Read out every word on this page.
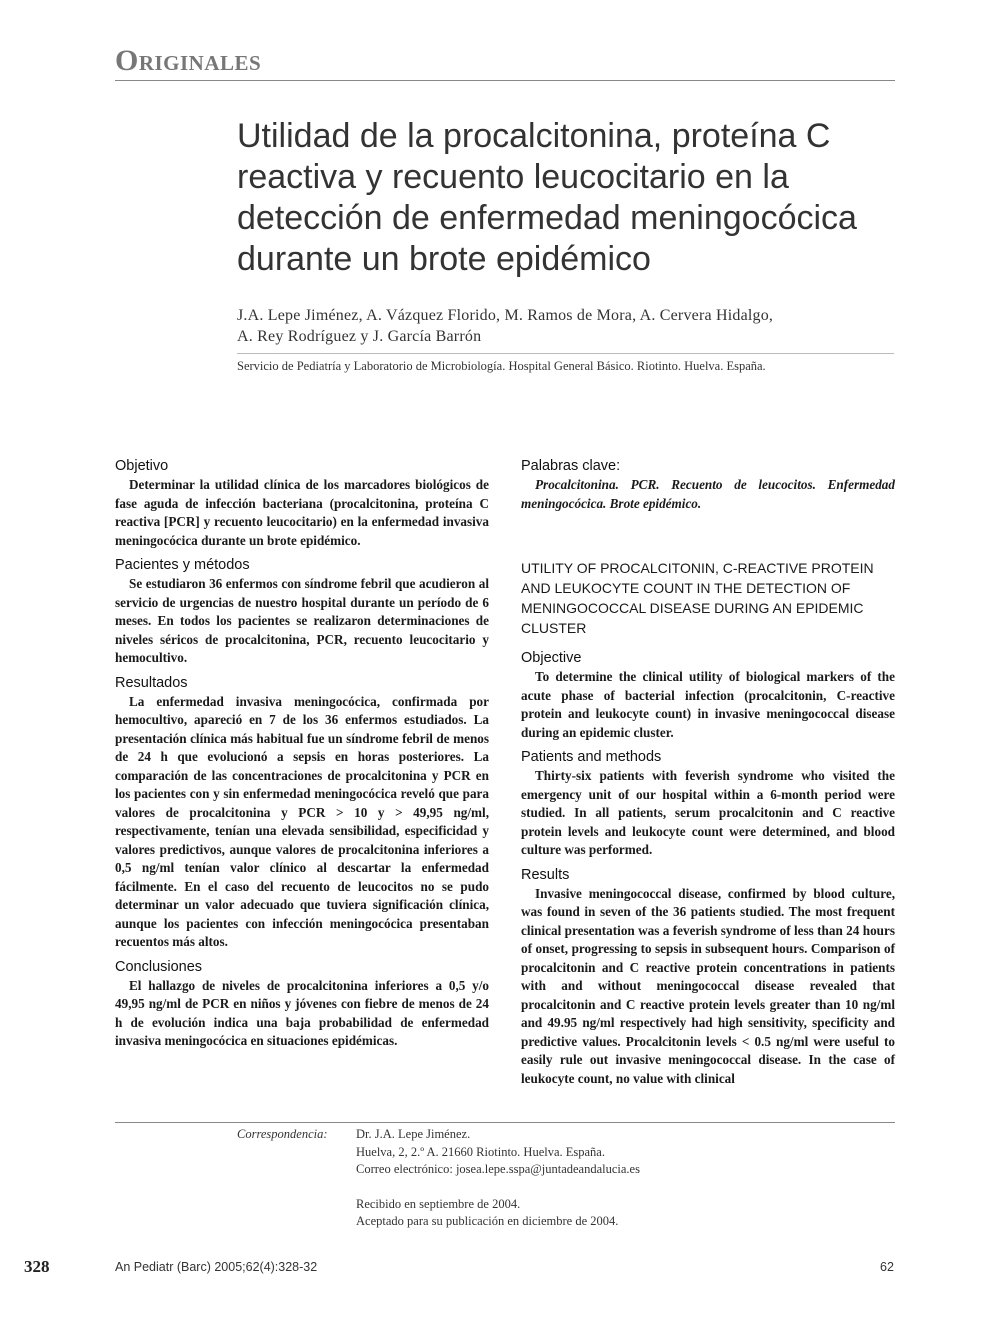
Originales
Utilidad de la procalcitonina, proteína C reactiva y recuento leucocitario en la detección de enfermedad meningocócica durante un brote epidémico
J.A. Lepe Jiménez, A. Vázquez Florido, M. Ramos de Mora, A. Cervera Hidalgo,
A. Rey Rodríguez y J. García Barrón
Servicio de Pediatría y Laboratorio de Microbiología. Hospital General Básico. Riotinto. Huelva. España.
Objetivo

Determinar la utilidad clínica de los marcadores biológicos de fase aguda de infección bacteriana (procalcitonina, proteína C reactiva [PCR] y recuento leucocitario) en la enfermedad invasiva meningocócica durante un brote epidémico.

Pacientes y métodos

Se estudiaron 36 enfermos con síndrome febril que acudieron al servicio de urgencias de nuestro hospital durante un período de 6 meses. En todos los pacientes se realizaron determinaciones de niveles séricos de procalcitonina, PCR, recuento leucocitario y hemocultivo.

Resultados

La enfermedad invasiva meningocócica, confirmada por hemocultivo, apareció en 7 de los 36 enfermos estudiados. La presentación clínica más habitual fue un síndrome febril de menos de 24 h que evolucionó a sepsis en horas posteriores. La comparación de las concentraciones de procalcitonina y PCR en los pacientes con y sin enfermedad meningocócica reveló que para valores de procalcitonina y PCR > 10 y > 49,95 ng/ml, respectivamente, tenían una elevada sensibilidad, especificidad y valores predictivos, aunque valores de procalcitonina inferiores a 0,5 ng/ml tenían valor clínico al descartar la enfermedad fácilmente. En el caso del recuento de leucocitos no se pudo determinar un valor adecuado que tuviera significación clínica, aunque los pacientes con infección meningocócica presentaban recuentos más altos.

Conclusiones

El hallazgo de niveles de procalcitonina inferiores a 0,5 y/o 49,95 ng/ml de PCR en niños y jóvenes con fiebre de menos de 24 h de evolución indica una baja probabilidad de enfermedad invasiva meningocócica en situaciones epidémicas.

Palabras clave:

Procalcitonina. PCR. Recuento de leucocitos. Enfermedad meningocócica. Brote epidémico.

UTILITY OF PROCALCITONIN, C-REACTIVE PROTEIN AND LEUKOCYTE COUNT IN THE DETECTION OF MENINGOCOCCAL DISEASE DURING AN EPIDEMIC CLUSTER
Objective

To determine the clinical utility of biological markers of the acute phase of bacterial infection (procalcitonin, C-reactive protein and leukocyte count) in invasive meningococcal disease during an epidemic cluster.

Patients and methods

Thirty-six patients with feverish syndrome who visited the emergency unit of our hospital within a 6-month period were studied. In all patients, serum procalcitonin and C reactive protein levels and leukocyte count were determined, and blood culture was performed.

Results

Invasive meningococcal disease, confirmed by blood culture, was found in seven of the 36 patients studied. The most frequent clinical presentation was a feverish syndrome of less than 24 hours of onset, progressing to sepsis in subsequent hours. Comparison of procalcitonin and C reactive protein concentrations in patients with and without meningococcal disease revealed that procalcitonin and C reactive protein levels greater than 10 ng/ml and 49.95 ng/ml respectively had high sensitivity, specificity and predictive values. Procalcitonin levels < 0.5 ng/ml were useful to easily rule out invasive meningococcal disease. In the case of leukocyte count, no value with clinical

Correspondencia: Dr. J.A. Lepe Jiménez.
Huelva, 2, 2.º A. 21660 Riotinto. Huelva. España.
Correo electrónico: josea.lepe.sspa@juntadeandalucia.es
Recibido en septiembre de 2004.
Aceptado para su publicación en diciembre de 2004.
328	An Pediatr (Barc) 2005;62(4):328-32	62
